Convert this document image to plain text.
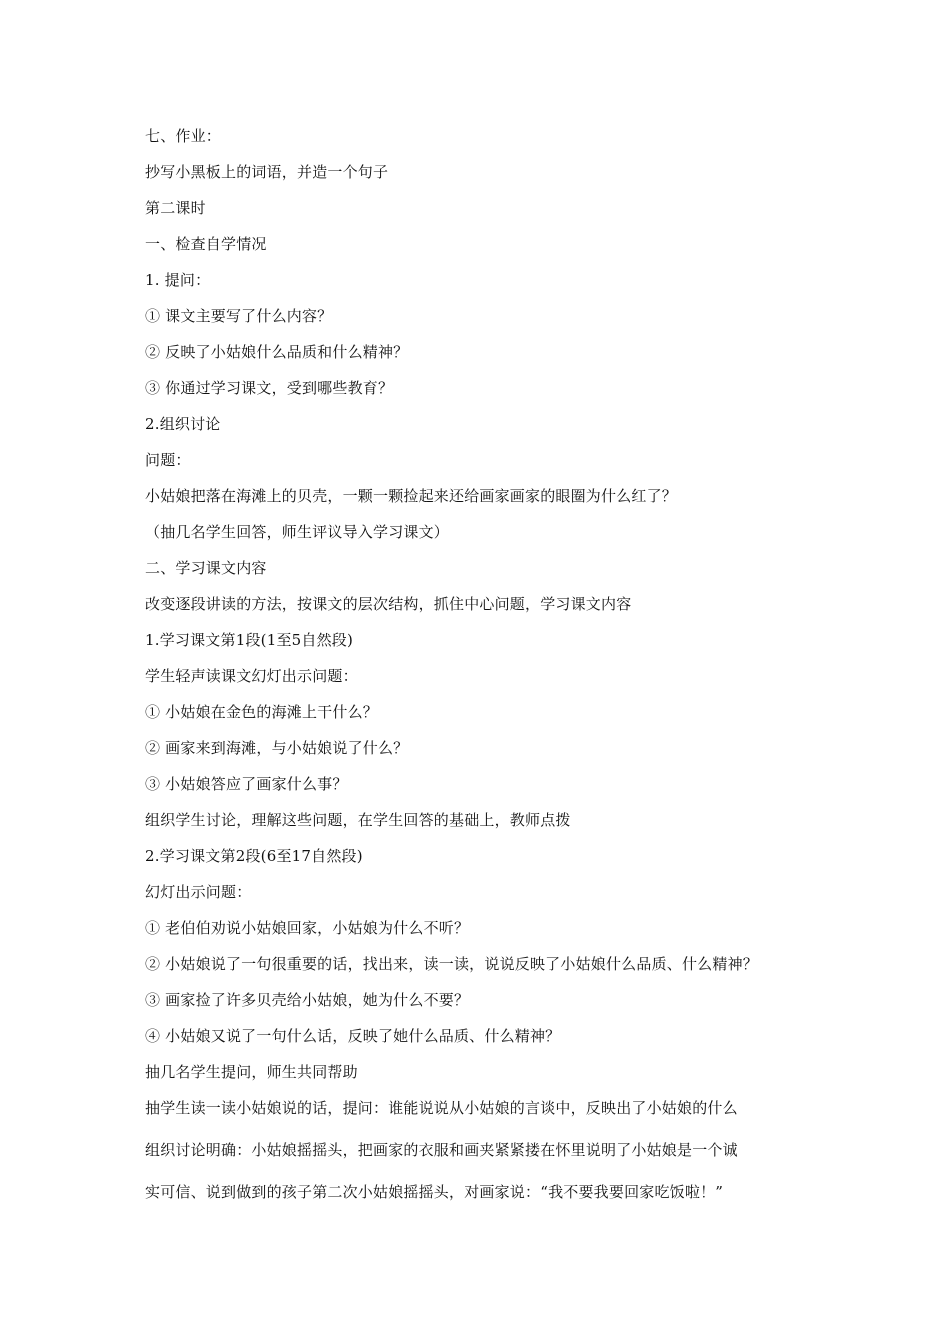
七、作业：
抄写小黑板上的词语，并造一个句子
第二课时
一、检查自学情况
1. 提问：
① 课文主要写了什么内容？
② 反映了小姑娘什么品质和什么精神？
③ 你通过学习课文，受到哪些教育？
2.组织讨论
问题：
小姑娘把落在海滩上的贝壳，一颗一颗捡起来还给画家画家的眼圈为什么红了？
（抽几名学生回答，师生评议导入学习课文）
二、学习课文内容
改变逐段讲读的方法，按课文的层次结构，抓住中心问题，学习课文内容
1.学习课文第1段(1至5自然段)
学生轻声读课文幻灯出示问题：
① 小姑娘在金色的海滩上干什么？
② 画家来到海滩，与小姑娘说了什么？
③ 小姑娘答应了画家什么事？
组织学生讨论，理解这些问题，在学生回答的基础上，教师点拨
2.学习课文第2段(6至17自然段)
幻灯出示问题：
① 老伯伯劝说小姑娘回家，小姑娘为什么不听？
② 小姑娘说了一句很重要的话，找出来，读一读，说说反映了小姑娘什么品质、什么精神？
③ 画家捡了许多贝壳给小姑娘，她为什么不要？
④ 小姑娘又说了一句什么话，反映了她什么品质、什么精神？
抽几名学生提问，师生共同帮助
抽学生读一读小姑娘说的话，提问：谁能说说从小姑娘的言谈中，反映出了小姑娘的什么
组织讨论明确：小姑娘摇摇头，把画家的衣服和画夹紧紧搂在怀里说明了小姑娘是一个诚
实可信、说到做到的孩子第二次小姑娘摇摇头，对画家说：“我不要我要回家吃饭啦！”
